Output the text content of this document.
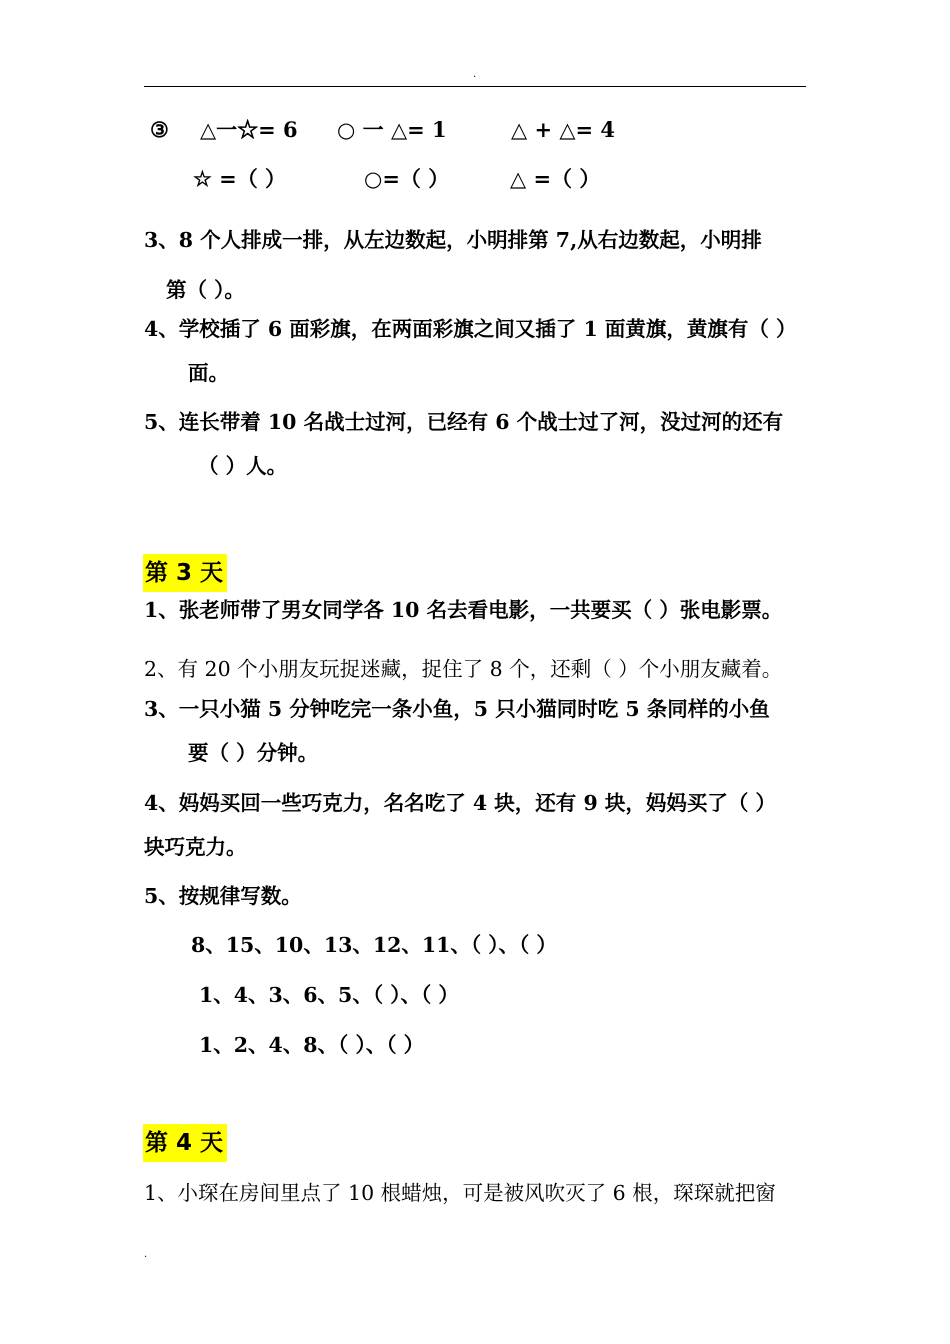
.
③ △一☆= 6 ○ 一 △= 1	△ + △= 4
☆ =（ ）	○=（ ）	△ =（ ）
3、8 个人排成一排，从左边数起，小明排第 7,从右边数起，小明排
第（ ）。
4、学校插了 6 面彩旗，在两面彩旗之间又插了 1 面黄旗，黄旗有（ ）
面。
5、连长带着 10 名战士过河，已经有 6 个战士过了河，没过河的还有
（ ）人。
第 3 天
1、张老师带了男女同学各 10 名去看电影，一共要买（ ）张电影票。
2、有 20 个小朋友玩捉迷藏，捉住了 8 个，还剩（ ）个小朋友藏着。
3、一只小猫 5 分钟吃完一条小鱼，5 只小猫同时吃 5 条同样的小鱼
要（ ）分钟。
4、妈妈买回一些巧克力，名名吃了 4 块，还有 9 块，妈妈买了（ ）
块巧克力。
5、按规律写数。
8、15、10、13、12、11、（ ）、（ ）
1、4、3、6、5、（ ）、（ ）
1、2、4、8、（ ）、（ ）
第 4 天
1、小琛在房间里点了 10 根蜡烛，可是被风吹灭了 6 根，琛琛就把窗
.
